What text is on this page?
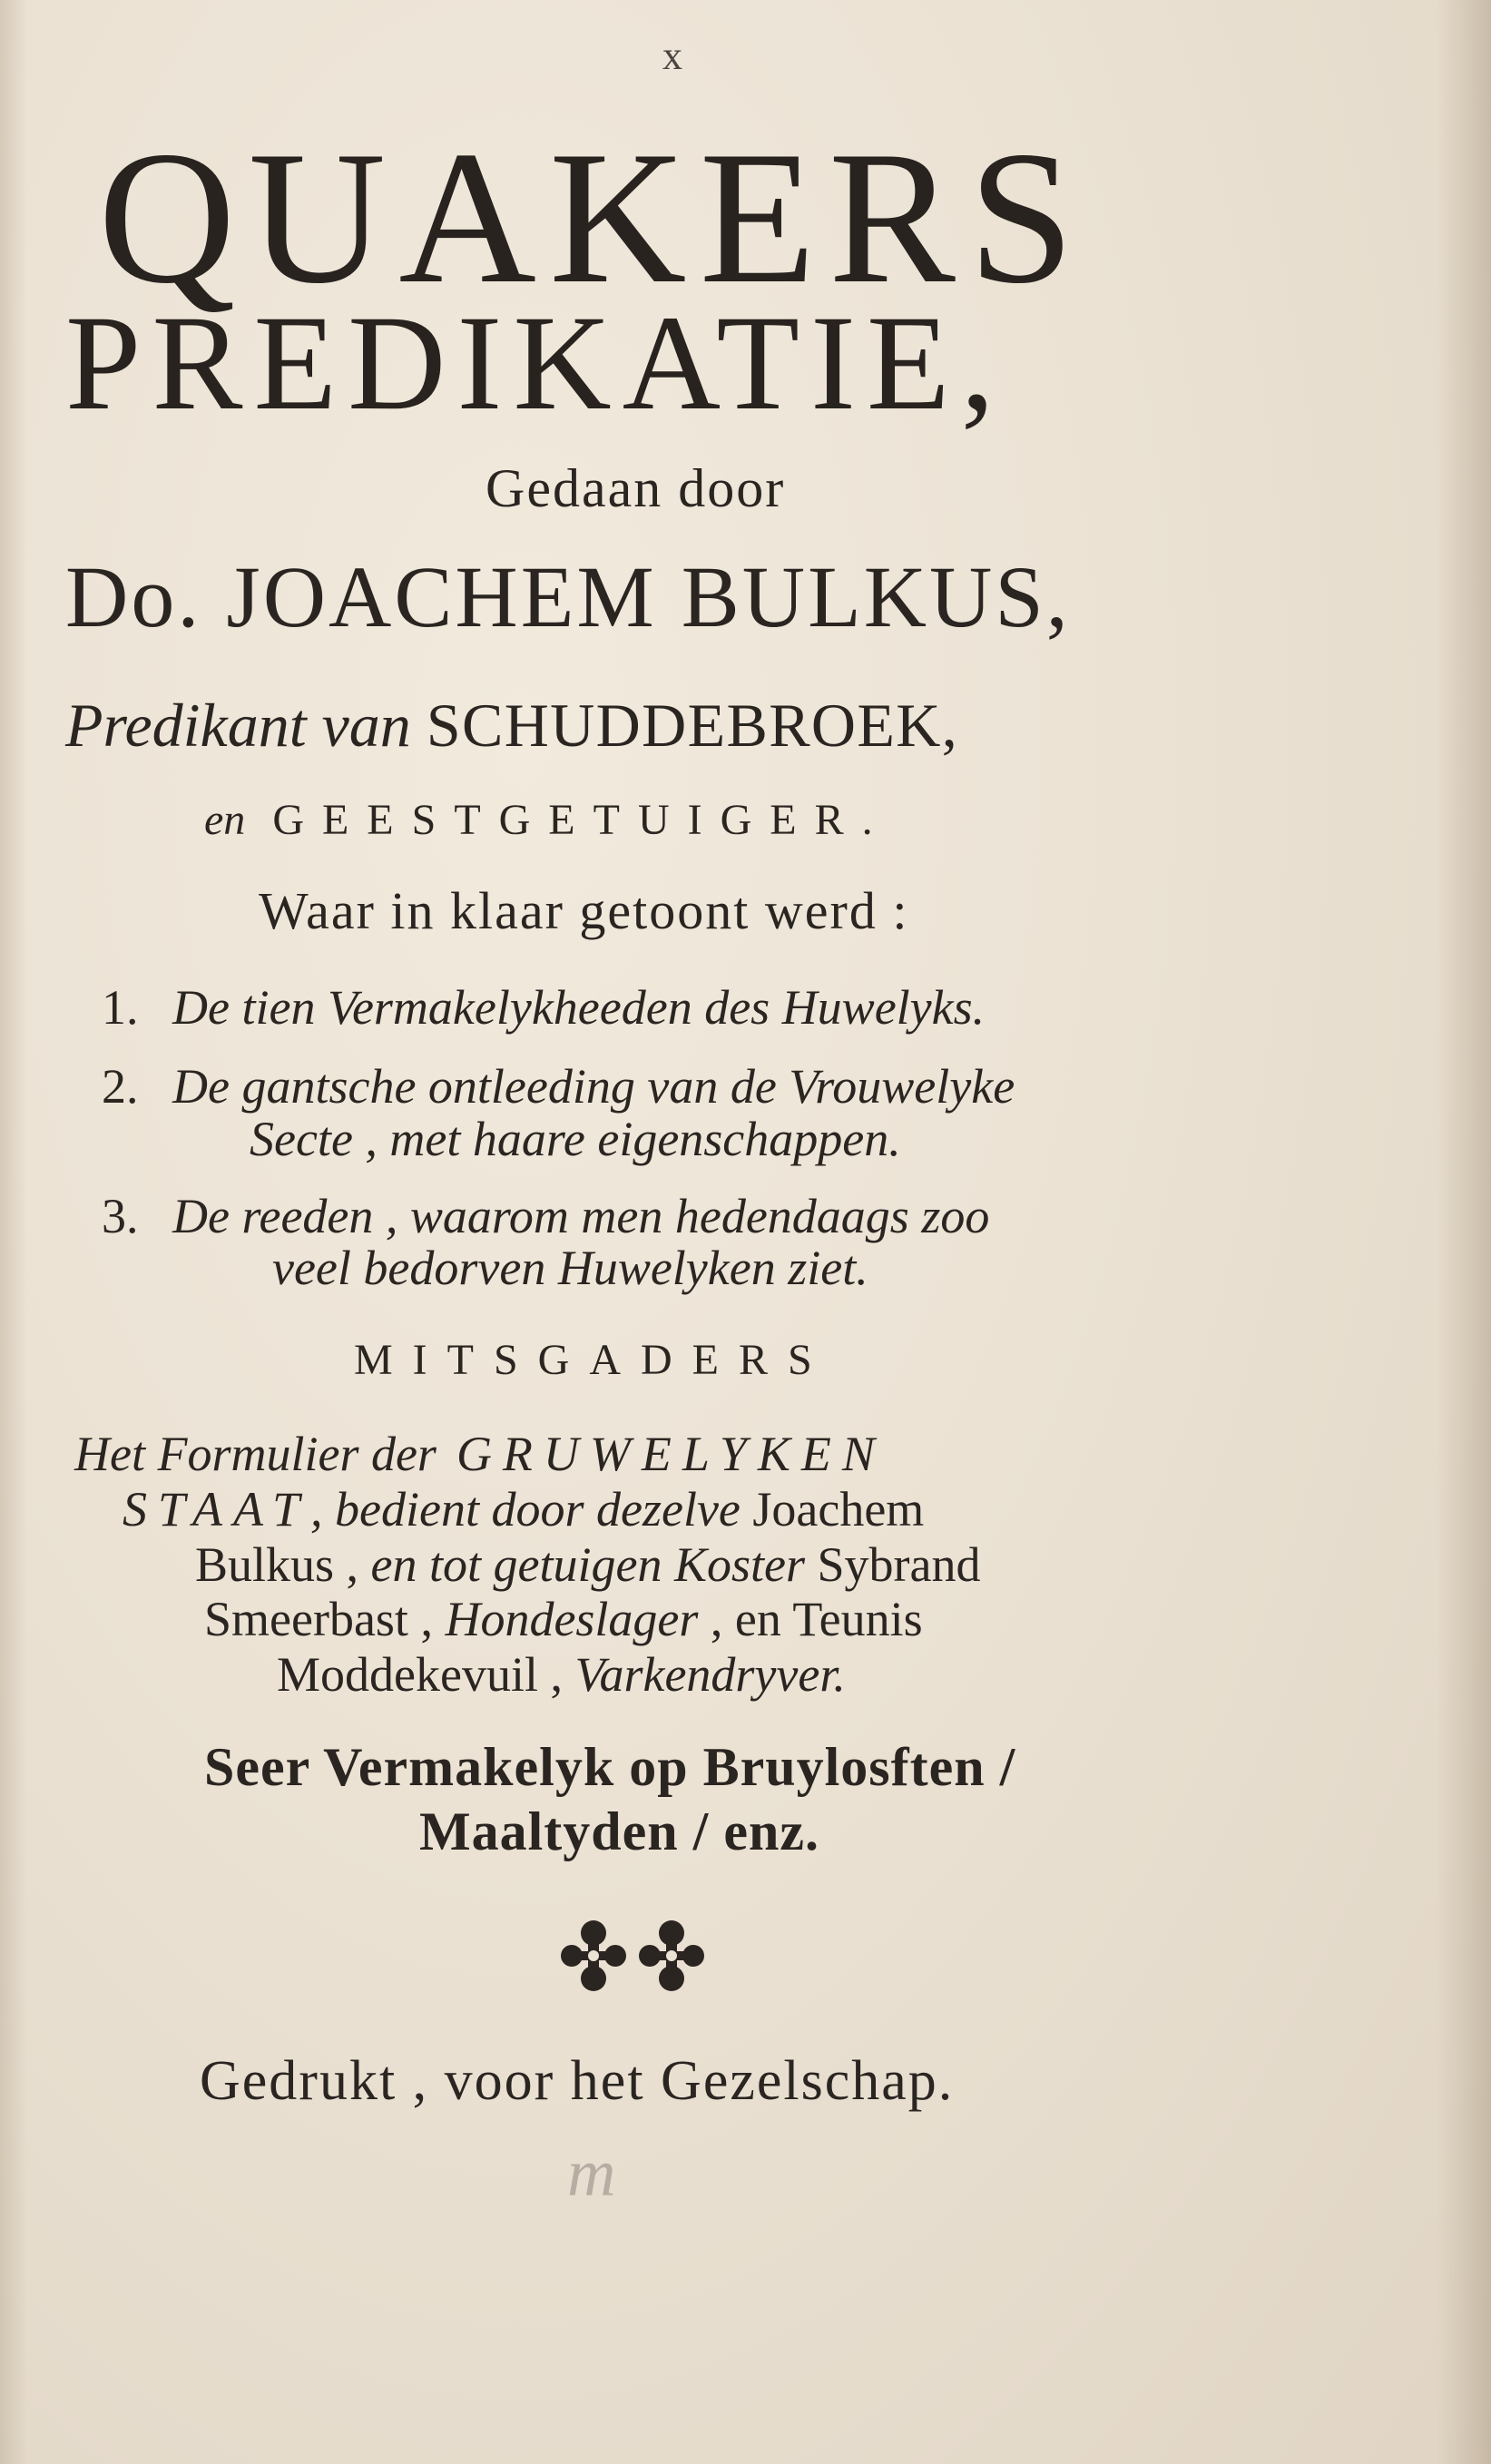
x
QUAKERS
PREDIKATIE,
Gedaan door
Do. JOACHEM BULKUS,
Predikant van SCHUDDEBROEK,
en GEESTGETUIGER.
Waar in klaar getoont werd :
1. De tien Vermakelykheeden des Huwelyks.
2. De gantsche ontleeding van de Vrouwelyke
Secte , met haare eigenschappen.
3. De reeden , waarom men hedendaags zoo
veel bedorven Huwelyken ziet.
MITSGADERS
Het Formulier der GRUWELYKEN
STAAT, bedient door dezelve Joachem
Bulkus , en tot getuigen Koster Sybrand
Smeerbast , Hondeslager , en Teunis
Moddekevuil , Varkendryver.
Seer Vermakelyk op Bruylosften /
Maaltyden / enz.
Gedrukt , voor het Gezelschap.
m
